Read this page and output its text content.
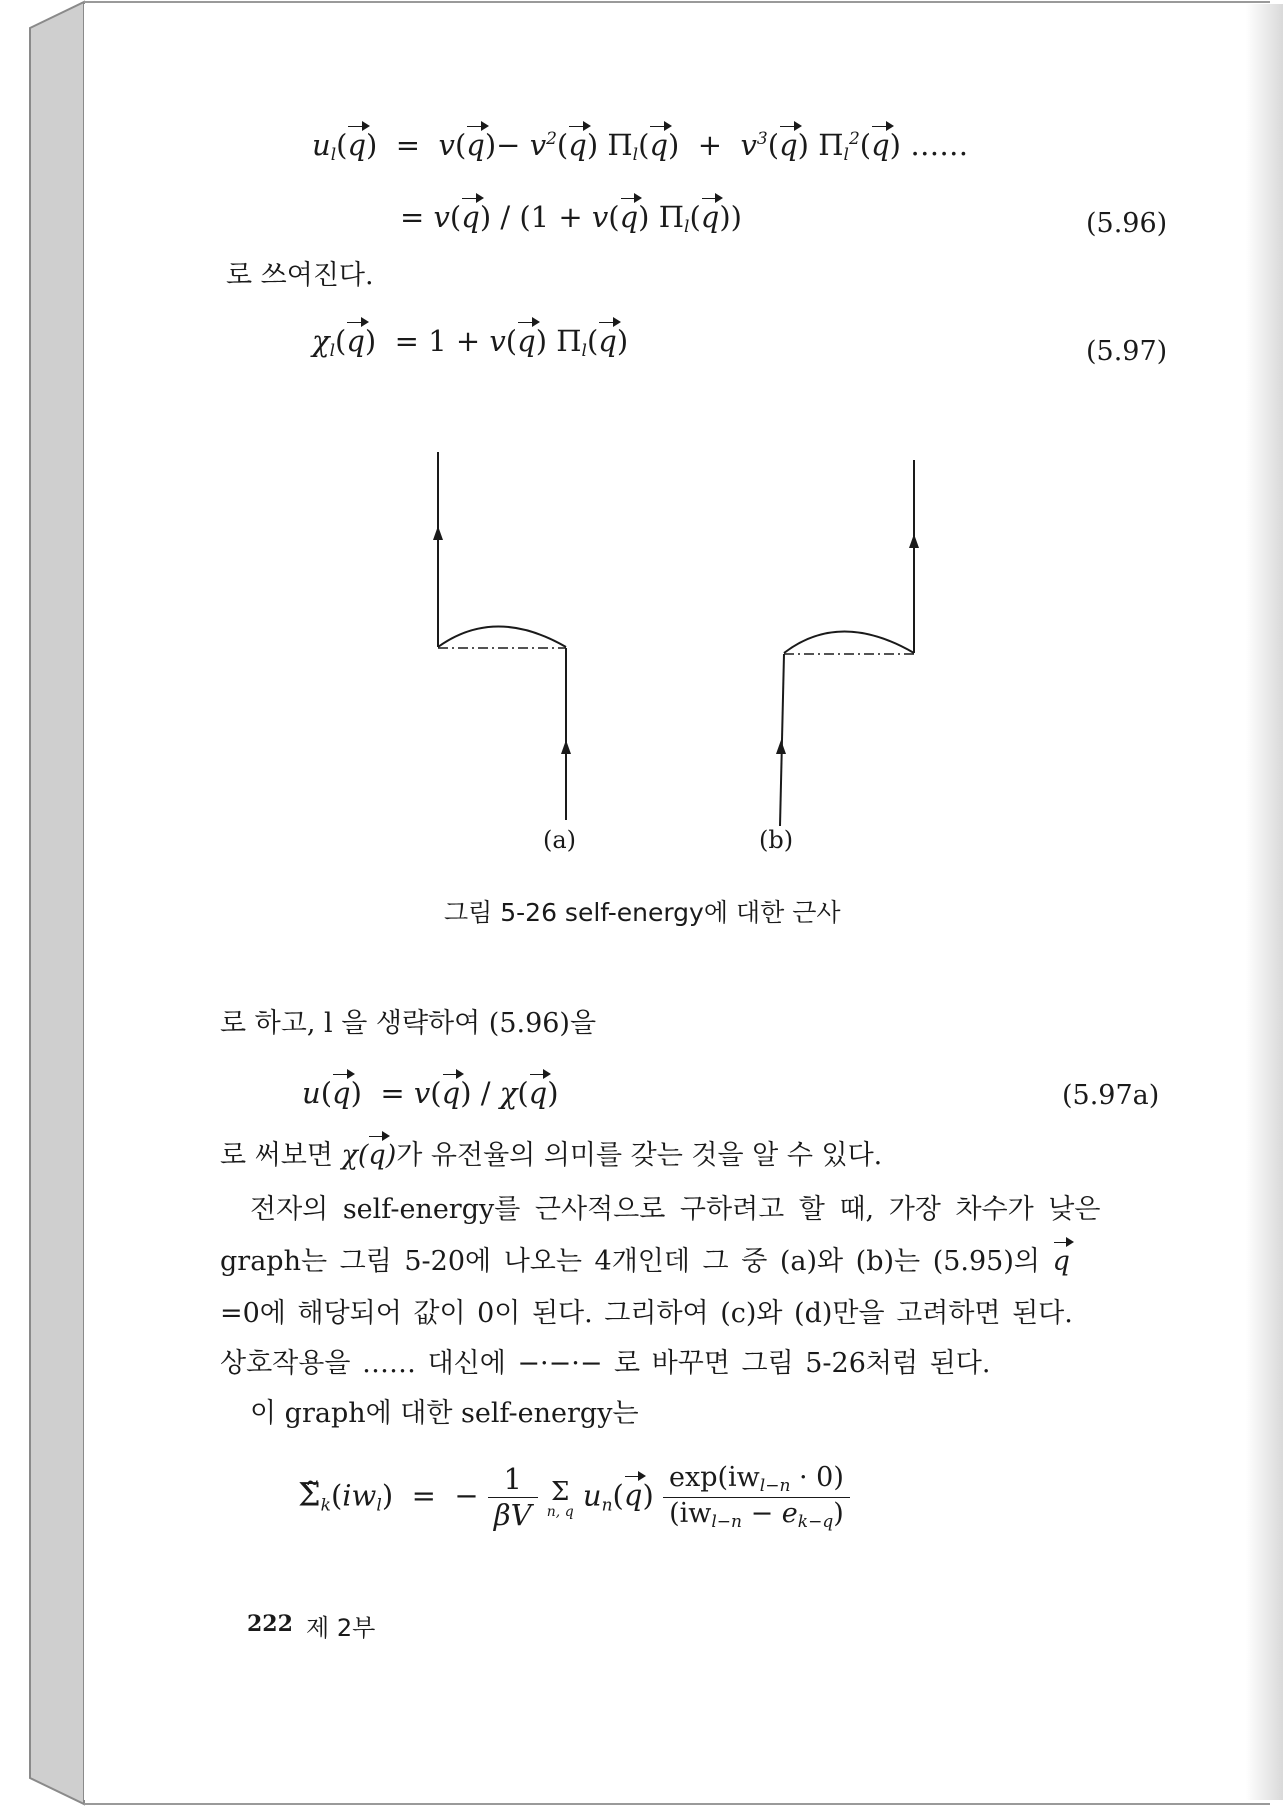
$u_l(q) = v(q)- v^2(q) \Pi_l(q) + v^3(q)$ $\Pi_l^2(q)$ ……
= v(q) / (1 + v(q) $\Pi_l(q)$)	(5.96)
로 쓰여진다.
$\chi_l(q) = 1 + v(q)$ $\Pi_l(q)$	(5.97)
(a)	(b)
그림 5-26 self-energy에 대한 근사
로 하고, l 을 생략하여 (5.96)을
u(q)  = v(q) / χ(q)	(5.97a)
로 써보면 χ(q)가 유전율의 의미를 갖는 것을 알 수 있다.
전자의 self-energy를 근사적으로 구하려고 할 때, 가장 차수가 낮은
graph는 그림 5-20에 나오는 4개인데 그 중 (a)와 (b)는 (5.95)의 q
=0에 해당되어 값이 0이 된다. 그리하여 (c)와 (d)만을 고려하면 된다.
상호작용을 …… 대신에 −·−·− 로 바꾸면 그림 5-26처럼 된다.
이 graph에 대한 self-energy는
$\Sigmã_k(iw_l)$  =  − $\frac{1}{\beta V}$ Σ
n, q $u_n(q) \frac{\exp(iw_{l-n} \cdot 0)}{(iw_{l-n} - e_{k-q})}$
222 제 2부
